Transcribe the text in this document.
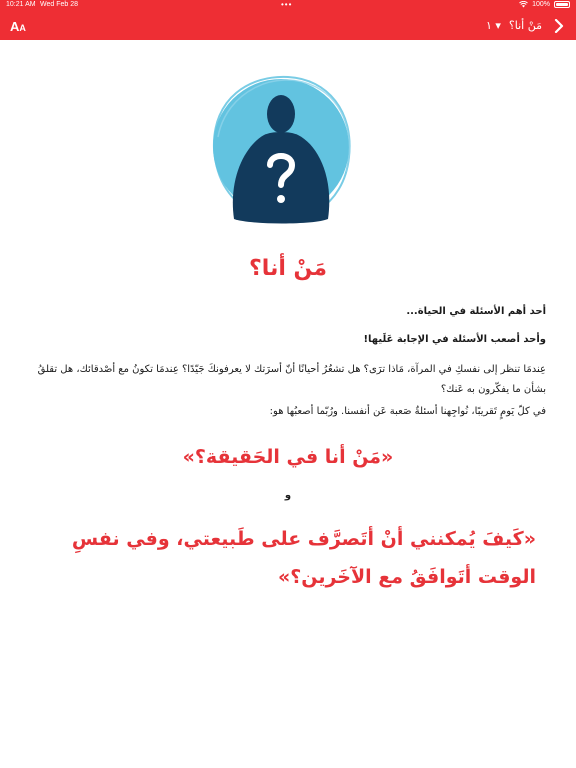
10:21 AM Wed Feb 28	•••	100%
AA	مَنْ أنا؟
▾ ١
مَنْ أنا؟
أحد أهم الأسئلة في الحياة...
وأحد أصعب الأسئلة في الإجابة عَلَيها!
عِندمَا تنظر إلى نفسكِ في المرآة، مَاذا ترَى؟ هل تشعُرُ أحيانًا أنّ أسرَتك لا يعرفونكَ جَيّدًا؟ عِندمَا تكونُ مع أصْدقائك، هل تقلقُ بشأن ما يفكّرون به عَنك؟
في كلّ يَومٍ تَقريبًا، نُواجِهنا أسئلةٌ صَعبة عَن أنفسنا. ورُبّما أصعبُها هو:
«مَنْ أنا في الحَقيقة؟»
و
«كَيفَ يُمكنني أنْ أتَصرَّف على طَبيعتي، وفي نفسِ الوقت أتَوافَقُ مع الآخَرين؟»
